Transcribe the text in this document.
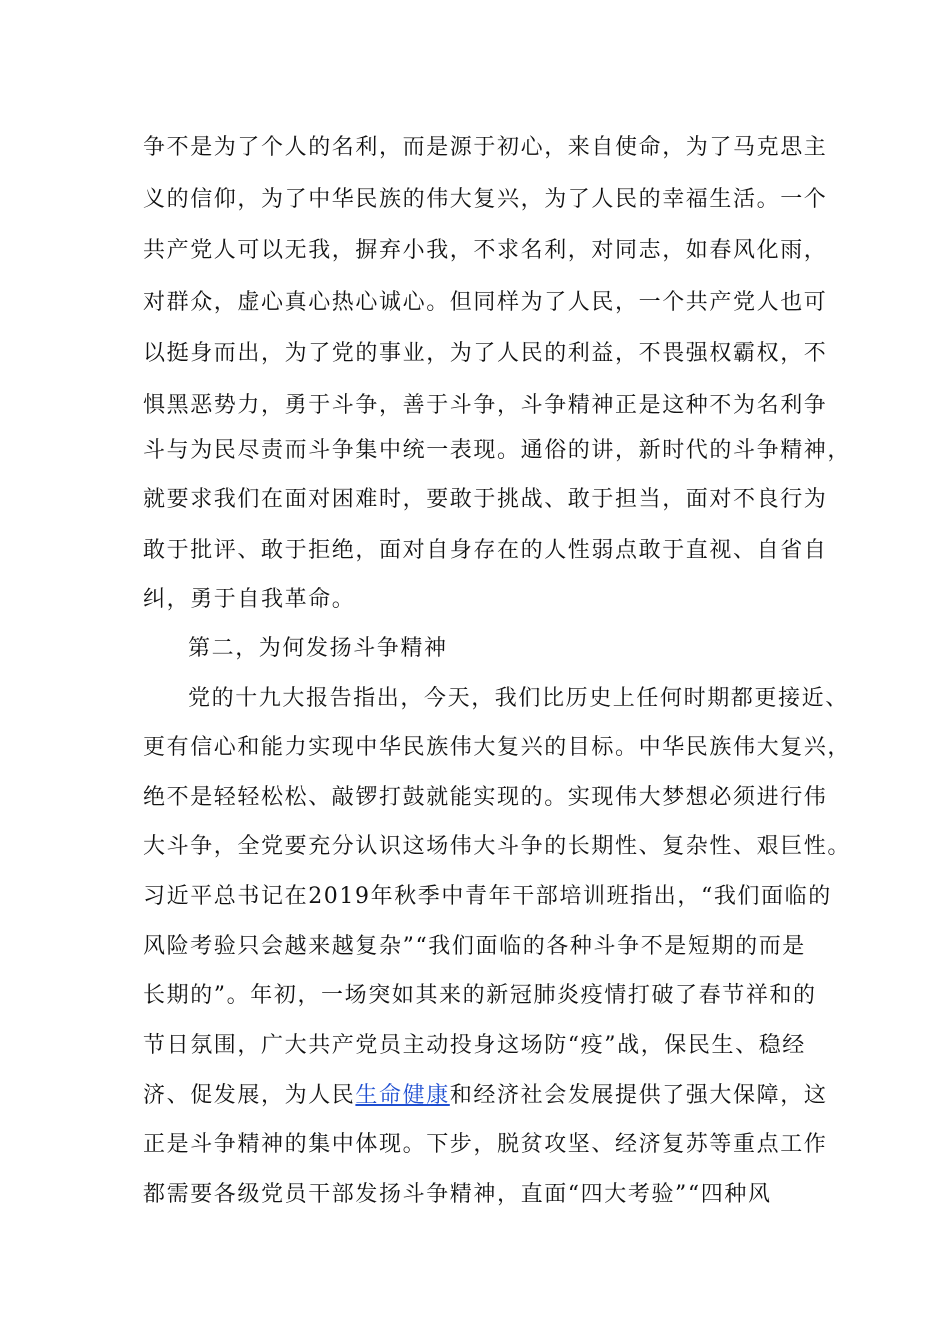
争不是为了个人的名利，而是源于初心，来自使命，为了马克思主
义的信仰，为了中华民族的伟大复兴，为了人民的幸福生活。一个
共产党人可以无我，摒弃小我，不求名利，对同志，如春风化雨，
对群众，虚心真心热心诚心。但同样为了人民，一个共产党人也可
以挺身而出，为了党的事业，为了人民的利益，不畏强权霸权，不
惧黑恶势力，勇于斗争，善于斗争，斗争精神正是这种不为名利争
斗与为民尽责而斗争集中统一表现。通俗的讲，新时代的斗争精神，
就要求我们在面对困难时，要敢于挑战、敢于担当，面对不良行为
敢于批评、敢于拒绝，面对自身存在的人性弱点敢于直视、自省自
纠，勇于自我革命。
第二，为何发扬斗争精神
党的十九大报告指出，今天，我们比历史上任何时期都更接近、
更有信心和能力实现中华民族伟大复兴的目标。中华民族伟大复兴，
绝不是轻轻松松、敲锣打鼓就能实现的。实现伟大梦想必须进行伟
大斗争，全党要充分认识这场伟大斗争的长期性、复杂性、艰巨性。
习近平总书记在2019年秋季中青年干部培训班指出，“我们面临的
风险考验只会越来越复杂”“我们面临的各种斗争不是短期的而是
长期的”。年初，一场突如其来的新冠肺炎疫情打破了春节祥和的
节日氛围，广大共产党员主动投身这场防“疫”战，保民生、稳经
济、促发展，为人民生命健康和经济社会发展提供了强大保障，这
正是斗争精神的集中体现。下步，脱贫攻坚、经济复苏等重点工作
都需要各级党员干部发扬斗争精神，直面“四大考验”“四种风
